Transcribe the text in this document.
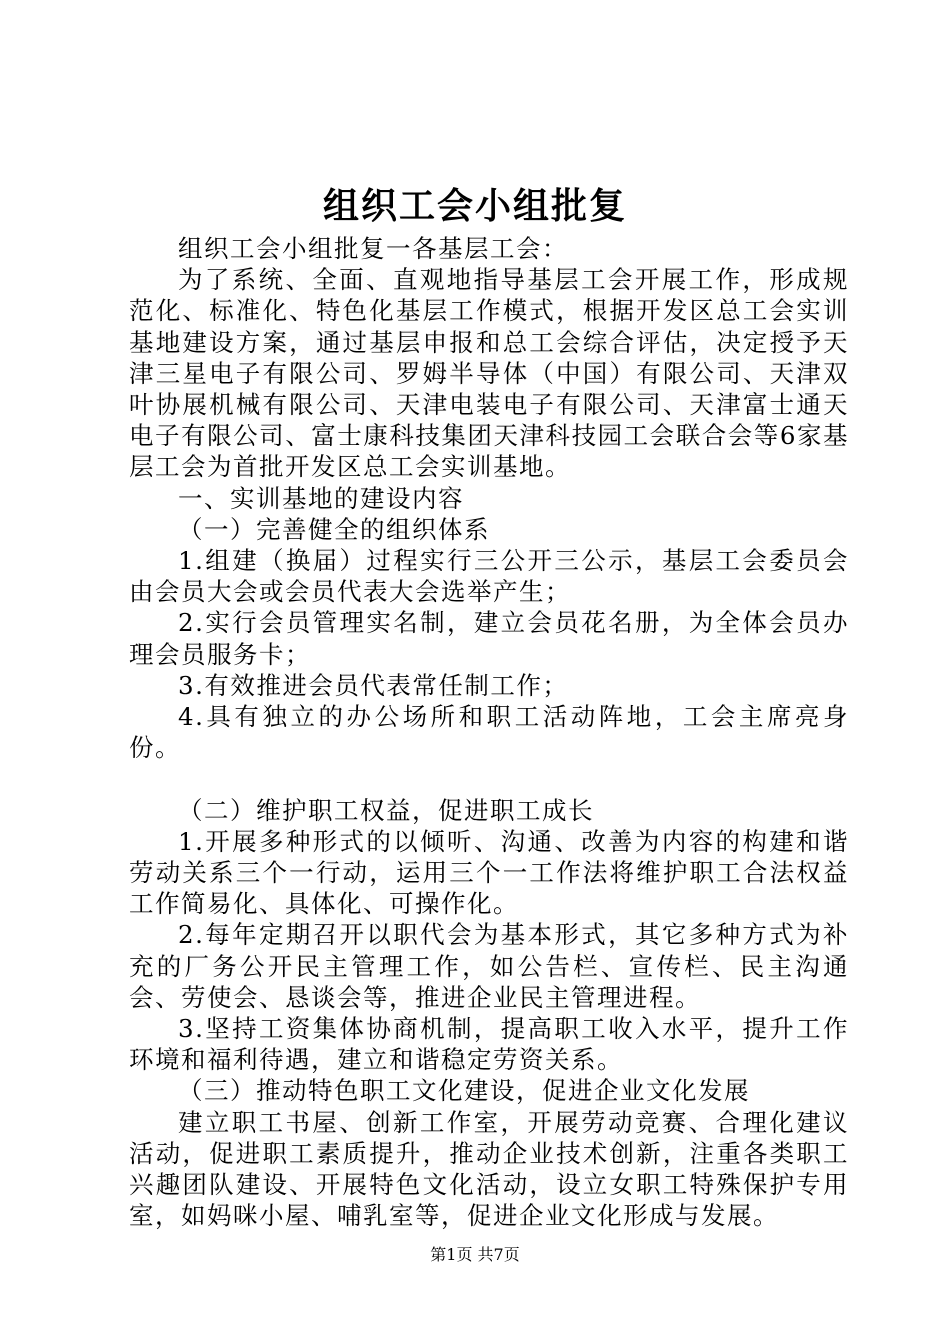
组织工会小组批复

组织工会小组批复一各基层工会：

为了系统、全面、直观地指导基层工会开展工作，形成规范化、标准化、特色化基层工作模式，根据开发区总工会实训基地建设方案，通过基层申报和总工会综合评估，决定授予天津三星电子有限公司、罗姆半导体（中国）有限公司、天津双叶协展机械有限公司、天津电装电子有限公司、天津富士通天电子有限公司、富士康科技集团天津科技园工会联合会等6家基层工会为首批开发区总工会实训基地。

一、实训基地的建设内容

（一）完善健全的组织体系

1.组建（换届）过程实行三公开三公示，基层工会委员会由会员大会或会员代表大会选举产生；

2.实行会员管理实名制，建立会员花名册，为全体会员办理会员服务卡；

3.有效推进会员代表常任制工作；

4.具有独立的办公场所和职工活动阵地，工会主席亮身份。

（二）维护职工权益，促进职工成长

1.开展多种形式的以倾听、沟通、改善为内容的构建和谐劳动关系三个一行动，运用三个一工作法将维护职工合法权益工作简易化、具体化、可操作化。

2.每年定期召开以职代会为基本形式，其它多种方式为补充的厂务公开民主管理工作，如公告栏、宣传栏、民主沟通会、劳使会、恳谈会等，推进企业民主管理进程。

3.坚持工资集体协商机制，提高职工收入水平，提升工作环境和福利待遇，建立和谐稳定劳资关系。

（三）推动特色职工文化建设，促进企业文化发展

建立职工书屋、创新工作室，开展劳动竞赛、合理化建议活动，促进职工素质提升，推动企业技术创新，注重各类职工兴趣团队建设、开展特色文化活动，设立女职工特殊保护专用室，如妈咪小屋、哺乳室等，促进企业文化形成与发展。

第1页 共7页
